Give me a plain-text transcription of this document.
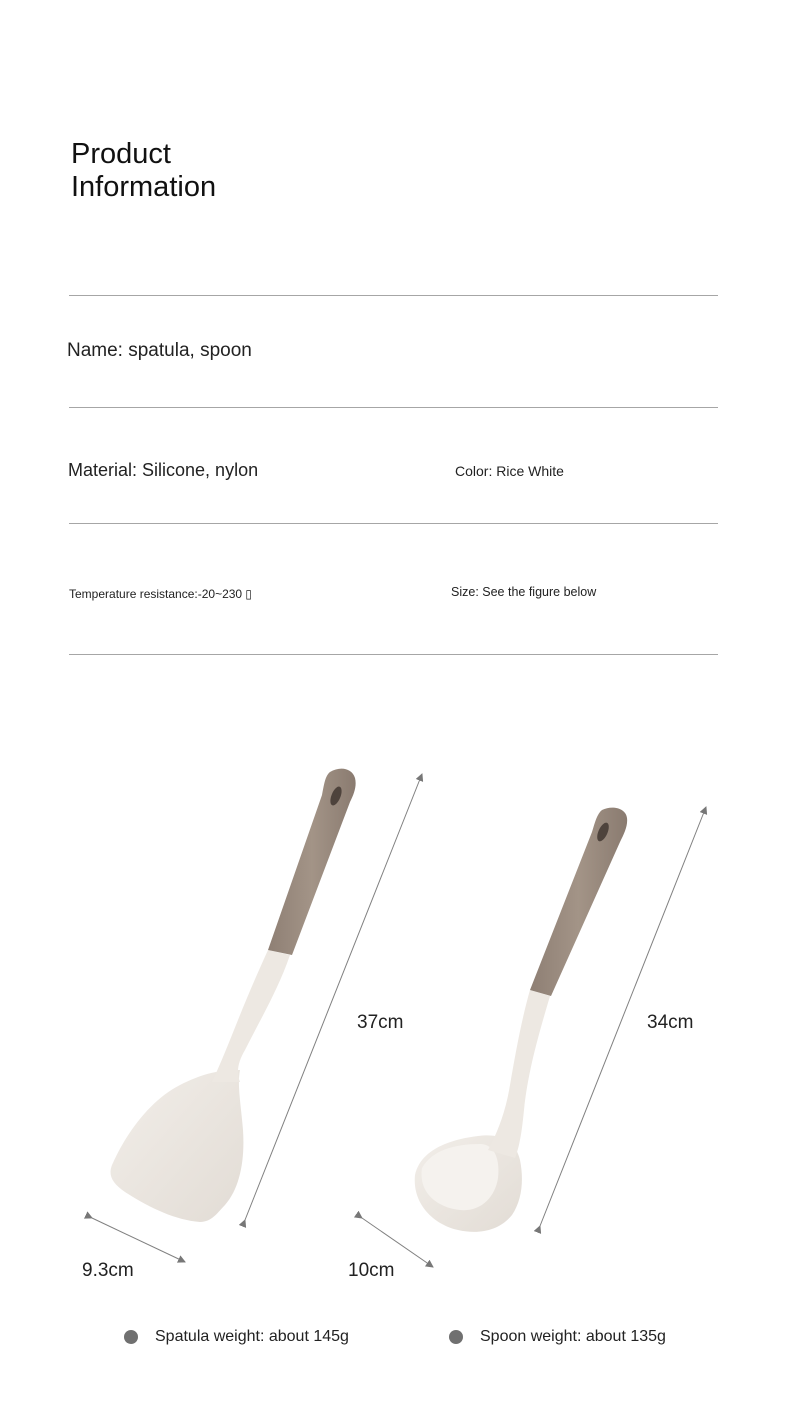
Product
Information
Name: spatula, spoon
Material: Silicone, nylon	Color: Rice White
Temperature resistance:-20~230 ▯	Size: See the figure below
37cm	34cm
9.3cm	10cm
Spatula weight: about 145g	Spoon weight: about 135g
